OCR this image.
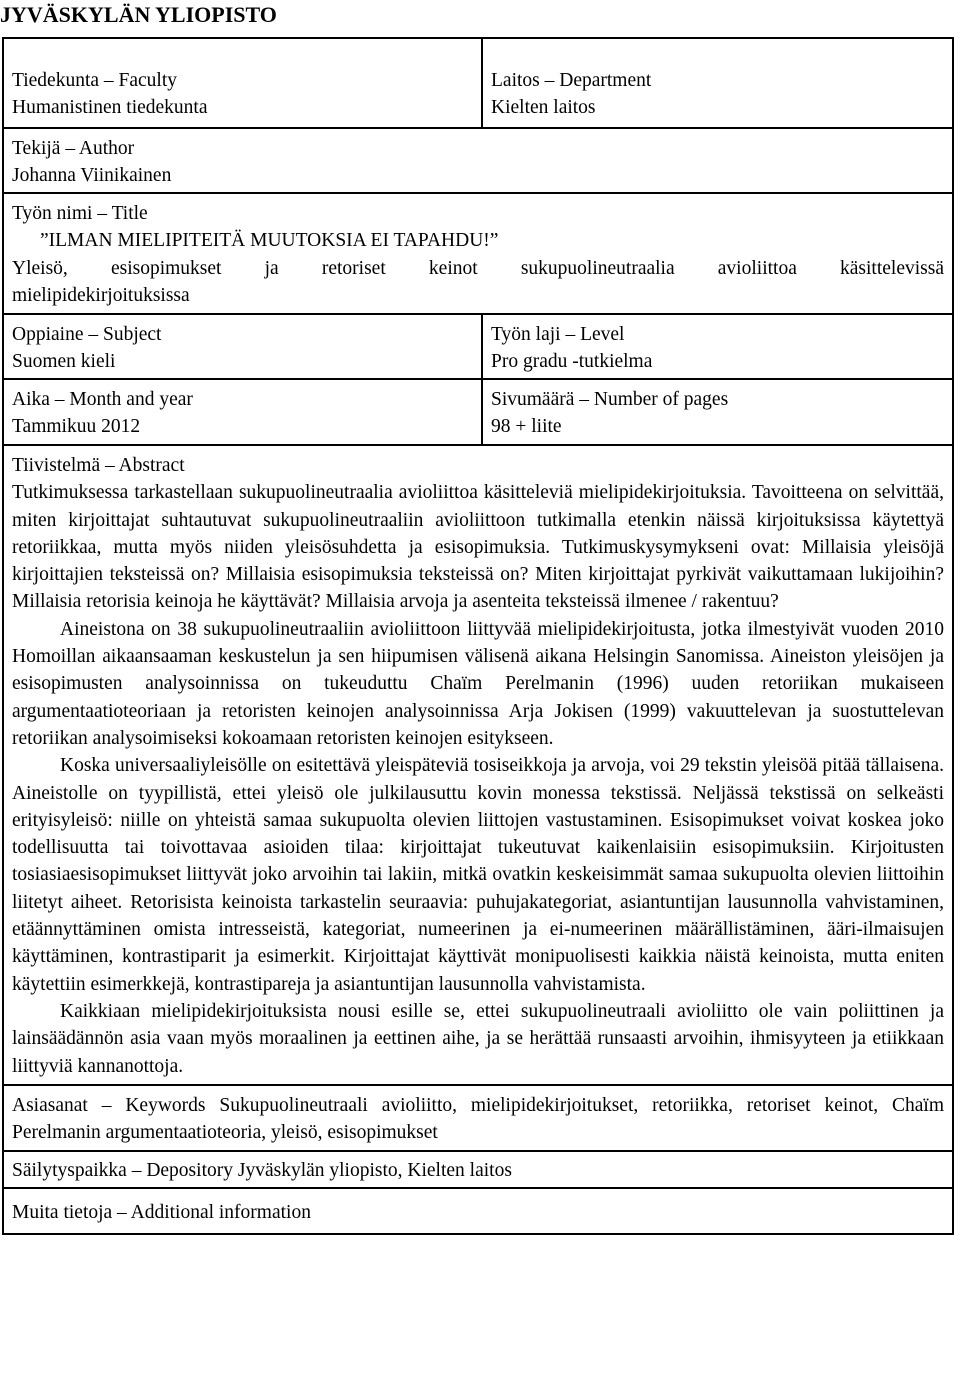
JYVÄSKYLÄN YLIOPISTO
Tiedekunta – Faculty
Humanistinen tiedekunta
Laitos – Department
Kielten laitos
Tekijä – Author
Johanna Viinikainen
Työn nimi – Title
”ILMAN MIELIPITEITÄ MUUTOKSIA EI TAPAHDU!”
Yleisö, esisopimukset ja retoriset keinot sukupuolineutraalia avioliittoa käsittelevissä
mielipidekirjoituksissa
Oppiaine – Subject
Suomen kieli
Työn laji – Level
Pro gradu -tutkielma
Aika – Month and year
Tammikuu 2012
Sivumäärä – Number of pages
98 + liite
Tiivistelmä – Abstract

Tutkimuksessa tarkastellaan sukupuolineutraalia avioliittoa käsitteleviä mielipidekirjoituksia. Tavoitteena on selvittää, miten kirjoittajat suhtautuvat sukupuolineutraaliin avioliittoon tutkimalla etenkin näissä kirjoituksissa käytettyä retoriikkaa, mutta myös niiden yleisösuhdetta ja esisopimuksia. Tutkimuskysymykseni ovat: Millaisia yleisöjä kirjoittajien teksteissä on? Millaisia esisopimuksia teksteissä on? Miten kirjoittajat pyrkivät vaikuttamaan lukijoihin? Millaisia retorisia keinoja he käyttävät? Millaisia arvoja ja asenteita teksteissä ilmenee / rakentuu?

Aineistona on 38 sukupuolineutraaliin avioliittoon liittyvää mielipidekirjoitusta, jotka ilmestyivät vuoden 2010 Homoillan aikaansaaman keskustelun ja sen hiipumisen välisenä aikana Helsingin Sanomissa. Aineiston yleisöjen ja esisopimusten analysoinnissa on tukeuduttu Chaïm Perelmanin (1996) uuden retoriikan mukaiseen argumentaatioteoriaan ja retoristen keinojen analysoinnissa Arja Jokisen (1999) vakuuttelevan ja suostuttelevan retoriikan analysoimiseksi kokoamaan retoristen keinojen esitykseen.

Koska universaaliyleisölle on esitettävä yleispäteviä tosiseikkoja ja arvoja, voi 29 tekstin yleisöä pitää tällaisena. Aineistolle on tyypillistä, ettei yleisö ole julkilausuttu kovin monessa tekstissä. Neljässä tekstissä on selkeästi erityisyleisö: niille on yhteistä samaa sukupuolta olevien liittojen vastustaminen. Esisopimukset voivat koskea joko todellisuutta tai toivottavaa asioiden tilaa: kirjoittajat tukeutuvat kaikenlaisiin esisopimuksiin. Kirjoitusten tosiasiaesisopimukset liittyvät joko arvoihin tai lakiin, mitkä ovatkin keskeisimmät samaa sukupuolta olevien liittoihin liitetyt aiheet. Retorisista keinoista tarkastelin seuraavia: puhujakategoriat, asiantuntijan lausunnolla vahvistaminen, etäännyttäminen omista intresseistä, kategoriat, numeerinen ja ei-numeerinen määrällistäminen, ääri-ilmaisujen käyttäminen, kontrastiparit ja esimerkit. Kirjoittajat käyttivät monipuolisesti kaikkia näistä keinoista, mutta eniten käytettiin esimerkkejä, kontrastipareja ja asiantuntijan lausunnolla vahvistamista.

Kaikkiaan mielipidekirjoituksista nousi esille se, ettei sukupuolineutraali avioliitto ole vain poliittinen ja lainsäädännön asia vaan myös moraalinen ja eettinen aihe, ja se herättää runsaasti arvoihin, ihmisyyteen ja etiikkaan liittyviä kannanottoja.

Asiasanat – Keywords Sukupuolineutraali avioliitto, mielipidekirjoitukset, retoriikka, retoriset keinot, Chaïm Perelmanin argumentaatioteoria, yleisö, esisopimukset

Säilytyspaikka – Depository Jyväskylän yliopisto, Kielten laitos
Muita tietoja – Additional information
